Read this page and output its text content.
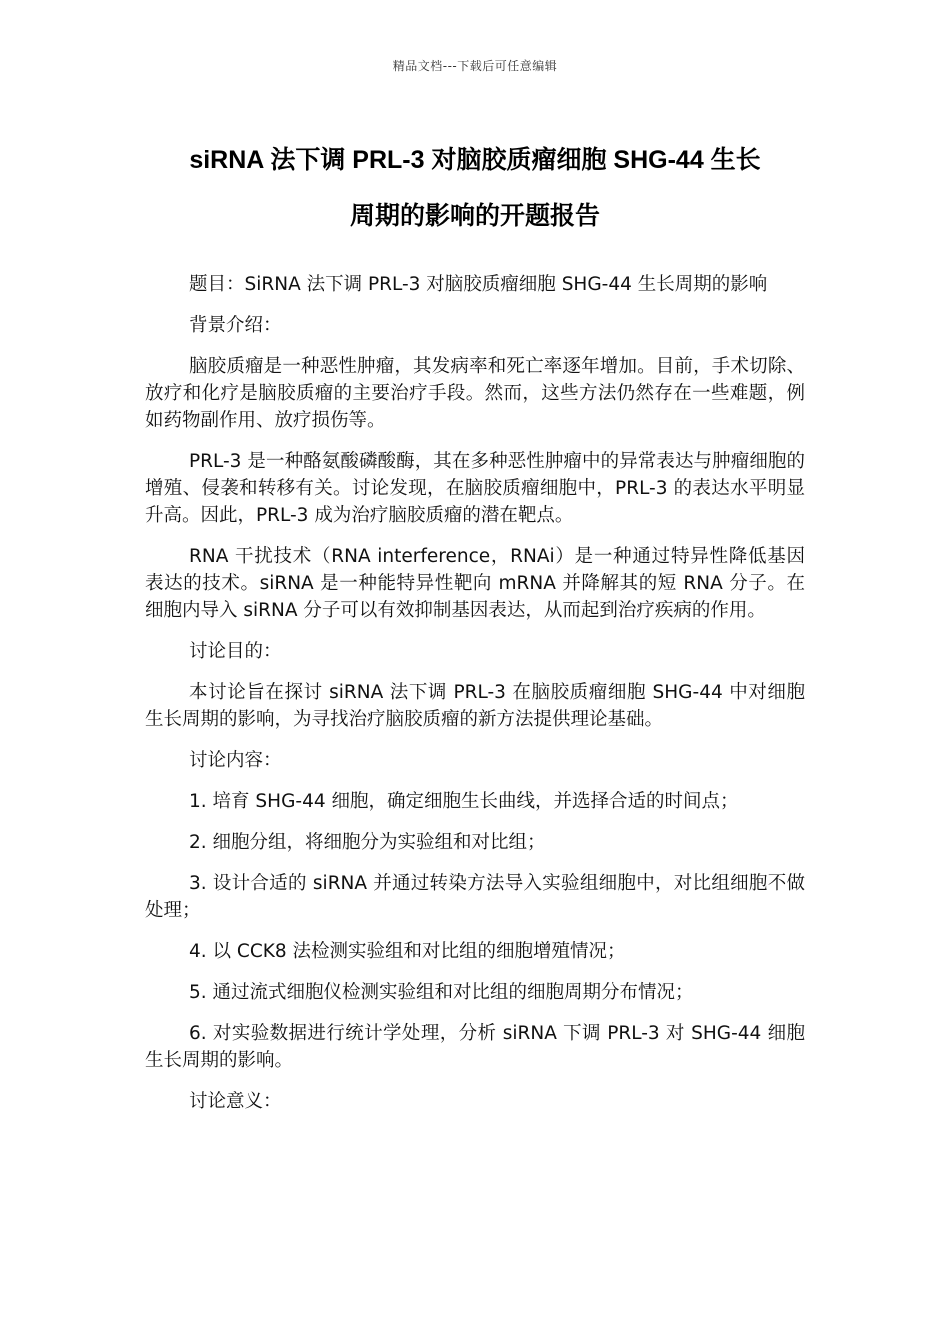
精品文档---下载后可任意编辑
siRNA 法下调 PRL-3 对脑胶质瘤细胞 SHG-44 生长
周期的影响的开题报告

题目：SiRNA 法下调 PRL-3 对脑胶质瘤细胞 SHG-44 生长周期的影响

背景介绍：

脑胶质瘤是一种恶性肿瘤，其发病率和死亡率逐年增加。目前，手术切除、放疗和化疗是脑胶质瘤的主要治疗手段。然而，这些方法仍然存在一些难题，例如药物副作用、放疗损伤等。

PRL-3 是一种酪氨酸磷酸酶，其在多种恶性肿瘤中的异常表达与肿瘤细胞的增殖、侵袭和转移有关。讨论发现，在脑胶质瘤细胞中，PRL-3 的表达水平明显升高。因此，PRL-3 成为治疗脑胶质瘤的潜在靶点。

RNA 干扰技术（RNA interference，RNAi）是一种通过特异性降低基因表达的技术。siRNA 是一种能特异性靶向 mRNA 并降解其的短 RNA 分子。在细胞内导入 siRNA 分子可以有效抑制基因表达，从而起到治疗疾病的作用。

讨论目的：

本讨论旨在探讨 siRNA 法下调 PRL-3 在脑胶质瘤细胞 SHG-44 中对细胞生长周期的影响，为寻找治疗脑胶质瘤的新方法提供理论基础。

讨论内容：

1. 培育 SHG-44 细胞，确定细胞生长曲线，并选择合适的时间点；

2. 细胞分组，将细胞分为实验组和对比组；

3. 设计合适的 siRNA 并通过转染方法导入实验组细胞中，对比组细胞不做处理；

4. 以 CCK8 法检测实验组和对比组的细胞增殖情况；

5. 通过流式细胞仪检测实验组和对比组的细胞周期分布情况；

6. 对实验数据进行统计学处理，分析 siRNA 下调 PRL-3 对 SHG-44 细胞生长周期的影响。

讨论意义：
